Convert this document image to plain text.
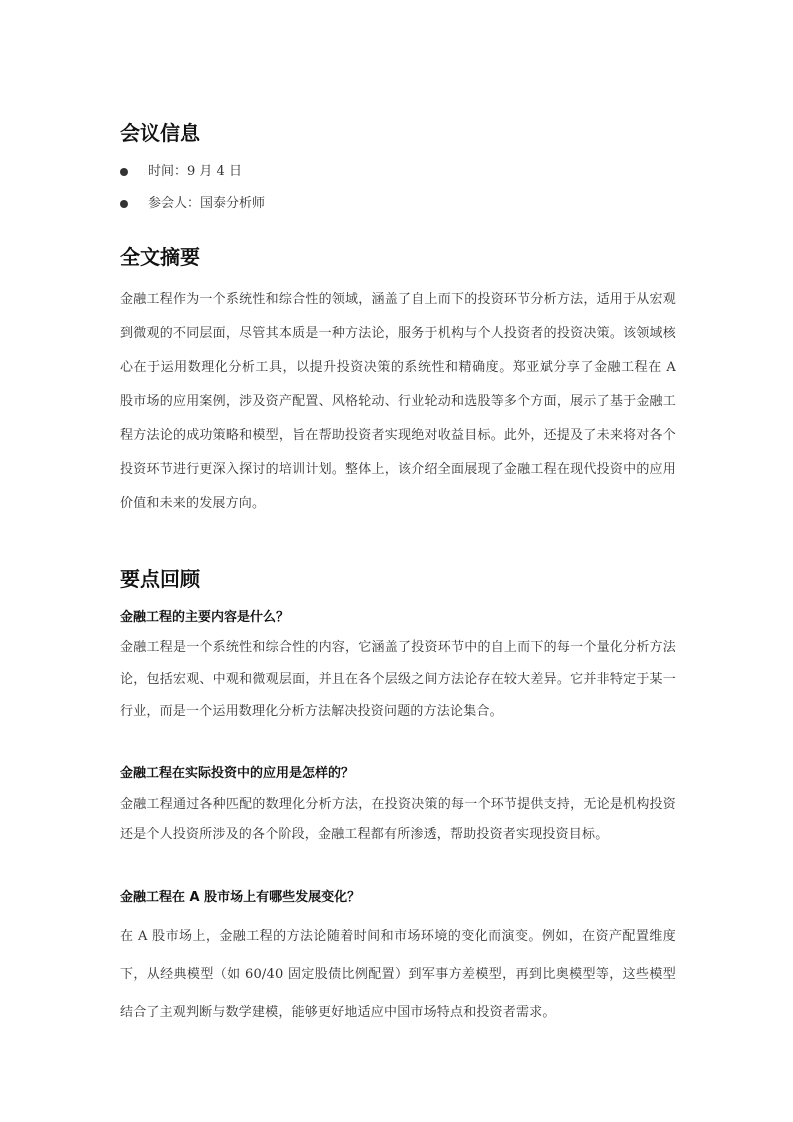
会议信息
时间：9 月 4 日
参会人：国泰分析师
全文摘要

金融工程作为一个系统性和综合性的领域，涵盖了自上而下的投资环节分析方法，适用于从宏观到微观的不同层面，尽管其本质是一种方法论，服务于机构与个人投资者的投资决策。该领域核心在于运用数理化分析工具，以提升投资决策的系统性和精确度。郑亚斌分享了金融工程在 A 股市场的应用案例，涉及资产配置、风格轮动、行业轮动和选股等多个方面，展示了基于金融工程方法论的成功策略和模型，旨在帮助投资者实现绝对收益目标。此外，还提及了未来将对各个投资环节进行更深入探讨的培训计划。整体上，该介绍全面展现了金融工程在现代投资中的应用价值和未来的发展方向。

要点回顾

金融工程的主要内容是什么？

金融工程是一个系统性和综合性的内容，它涵盖了投资环节中的自上而下的每一个量化分析方法论，包括宏观、中观和微观层面，并且在各个层级之间方法论存在较大差异。它并非特定于某一行业，而是一个运用数理化分析方法解决投资问题的方法论集合。

金融工程在实际投资中的应用是怎样的？

金融工程通过各种匹配的数理化分析方法，在投资决策的每一个环节提供支持，无论是机构投资还是个人投资所涉及的各个阶段，金融工程都有所渗透，帮助投资者实现投资目标。

金融工程在 A 股市场上有哪些发展变化？

在 A 股市场上，金融工程的方法论随着时间和市场环境的变化而演变。例如，在资产配置维度下，从经典模型（如 60/40 固定股债比例配置）到军事方差模型，再到比奥模型等，这些模型结合了主观判断与数学建模，能够更好地适应中国市场特点和投资者需求。
